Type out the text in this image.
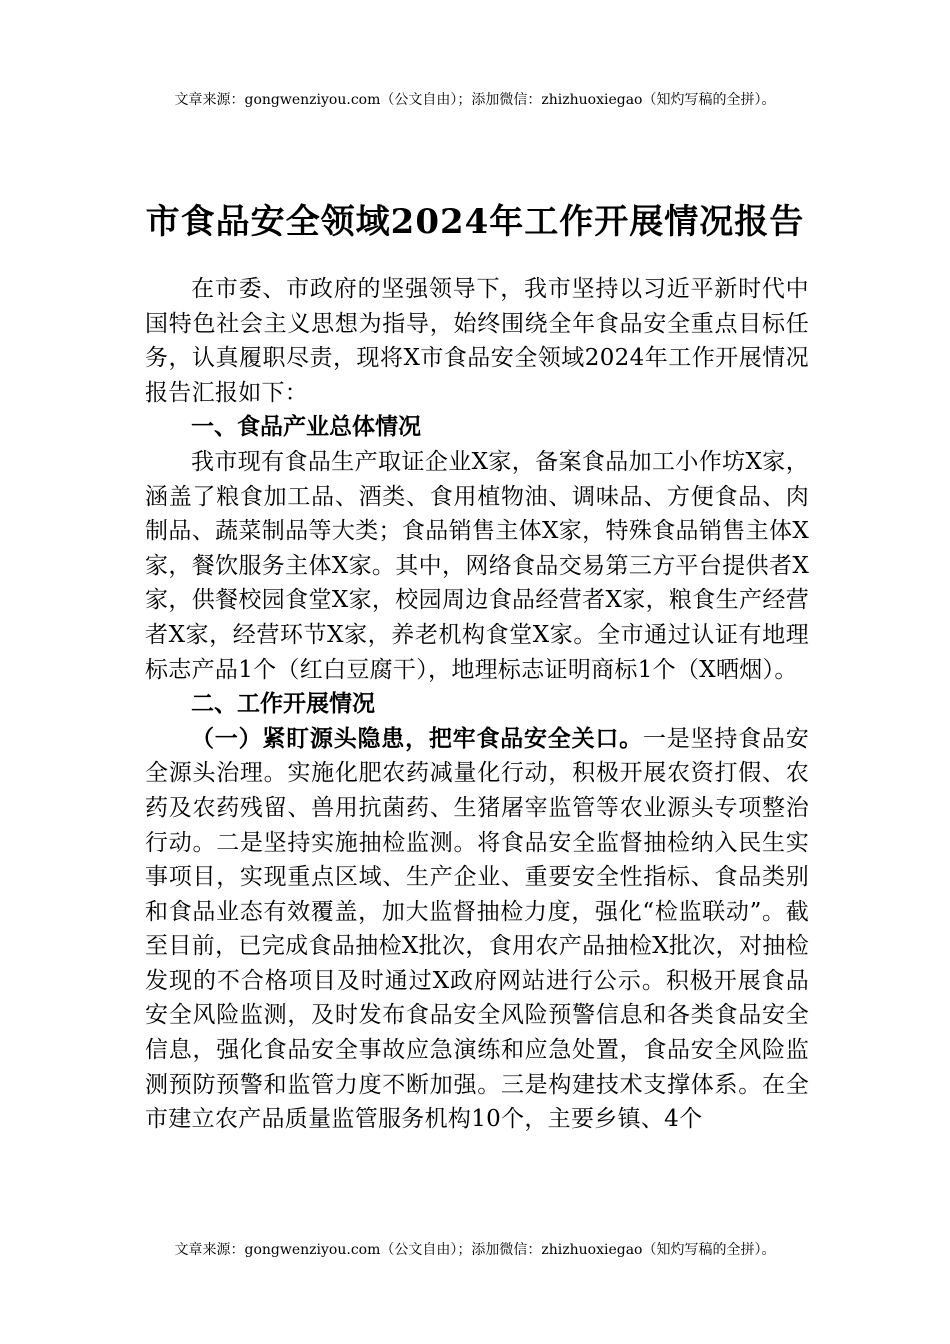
文章来源：gongwenziyou.com（公文自由）；添加微信：zhizhuoxiegao（知灼写稿的全拼）。
市食品安全领域2024年工作开展情况报告

在市委、市政府的坚强领导下，我市坚持以习近平新时代中国特色社会主义思想为指导，始终围绕全年食品安全重点目标任务，认真履职尽责，现将X市食品安全领域2024年工作开展情况报告汇报如下：

一、食品产业总体情况

我市现有食品生产取证企业X家，备案食品加工小作坊X家，涵盖了粮食加工品、酒类、食用植物油、调味品、方便食品、肉制品、蔬菜制品等大类；食品销售主体X家，特殊食品销售主体X家，餐饮服务主体X家。其中，网络食品交易第三方平台提供者X家，供餐校园食堂X家，校园周边食品经营者X家，粮食生产经营者X家，经营环节X家，养老机构食堂X家。全市通过认证有地理标志产品1个（红白豆腐干），地理标志证明商标1个（X晒烟）。

二、工作开展情况

（一）紧盯源头隐患，把牢食品安全关口。一是坚持食品安全源头治理。实施化肥农药减量化行动，积极开展农资打假、农药及农药残留、兽用抗菌药、生猪屠宰监管等农业源头专项整治行动。二是坚持实施抽检监测。将食品安全监督抽检纳入民生实事项目，实现重点区域、生产企业、重要安全性指标、食品类别和食品业态有效覆盖，加大监督抽检力度，强化“检监联动”。截至目前，已完成食品抽检X批次，食用农产品抽检X批次，对抽检发现的不合格项目及时通过X政府网站进行公示。积极开展食品安全风险监测，及时发布食品安全风险预警信息和各类食品安全信息，强化食品安全事故应急演练和应急处置，食品安全风险监测预防预警和监管力度不断加强。三是构建技术支撑体系。在全市建立农产品质量监管服务机构10个，主要乡镇、4个

文章来源：gongwenziyou.com（公文自由）；添加微信：zhizhuoxiegao（知灼写稿的全拼）。
